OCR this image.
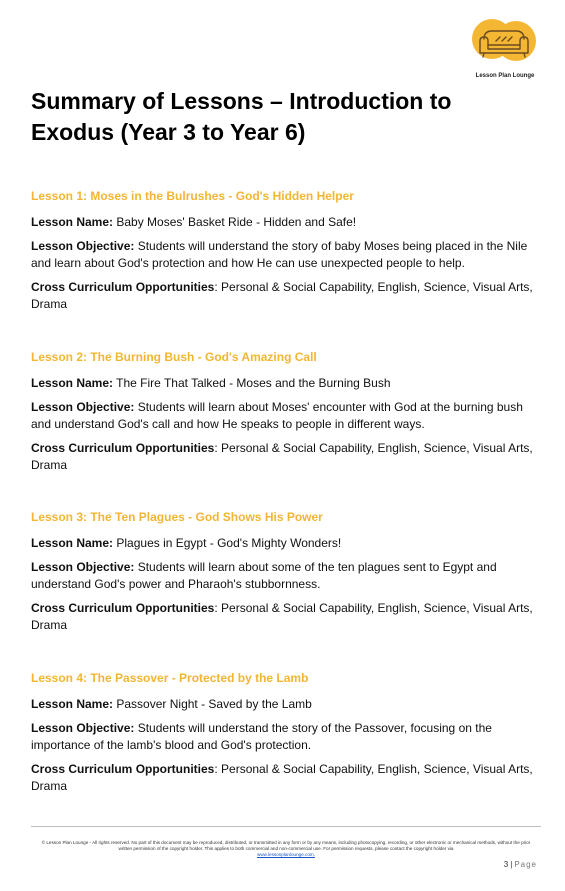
Lesson Plan Lounge
Summary of Lessons – Introduction to Exodus (Year 3 to Year 6)
Lesson 1: Moses in the Bulrushes - God's Hidden Helper

Lesson Name: Baby Moses' Basket Ride - Hidden and Safe!

Lesson Objective: Students will understand the story of baby Moses being placed in the Nile and learn about God's protection and how He can use unexpected people to help.

Cross Curriculum Opportunities: Personal & Social Capability, English, Science, Visual Arts, Drama

Lesson 2: The Burning Bush - God's Amazing Call

Lesson Name: The Fire That Talked - Moses and the Burning Bush

Lesson Objective: Students will learn about Moses' encounter with God at the burning bush and understand God's call and how He speaks to people in different ways.

Cross Curriculum Opportunities: Personal & Social Capability, English, Science, Visual Arts, Drama

Lesson 3: The Ten Plagues - God Shows His Power

Lesson Name: Plagues in Egypt - God's Mighty Wonders!

Lesson Objective: Students will learn about some of the ten plagues sent to Egypt and understand God's power and Pharaoh's stubbornness.

Cross Curriculum Opportunities: Personal & Social Capability, English, Science, Visual Arts, Drama

Lesson 4: The Passover - Protected by the Lamb

Lesson Name: Passover Night - Saved by the Lamb

Lesson Objective: Students will understand the story of the Passover, focusing on the importance of the lamb's blood and God's protection.

Cross Curriculum Opportunities: Personal & Social Capability, English, Science, Visual Arts, Drama

© Lesson Plan Lounge - All rights reserved. No part of this document may be reproduced, distributed, or transmitted in any form or by any means, including photocopying, recording, or other electronic or mechanical methods, without the prior written permission of the copyright holder. This applies to both commercial and non-commercial use. For permission requests, please contact the copyright holder via
www.lessonplanlounge.com.
3 | Page
